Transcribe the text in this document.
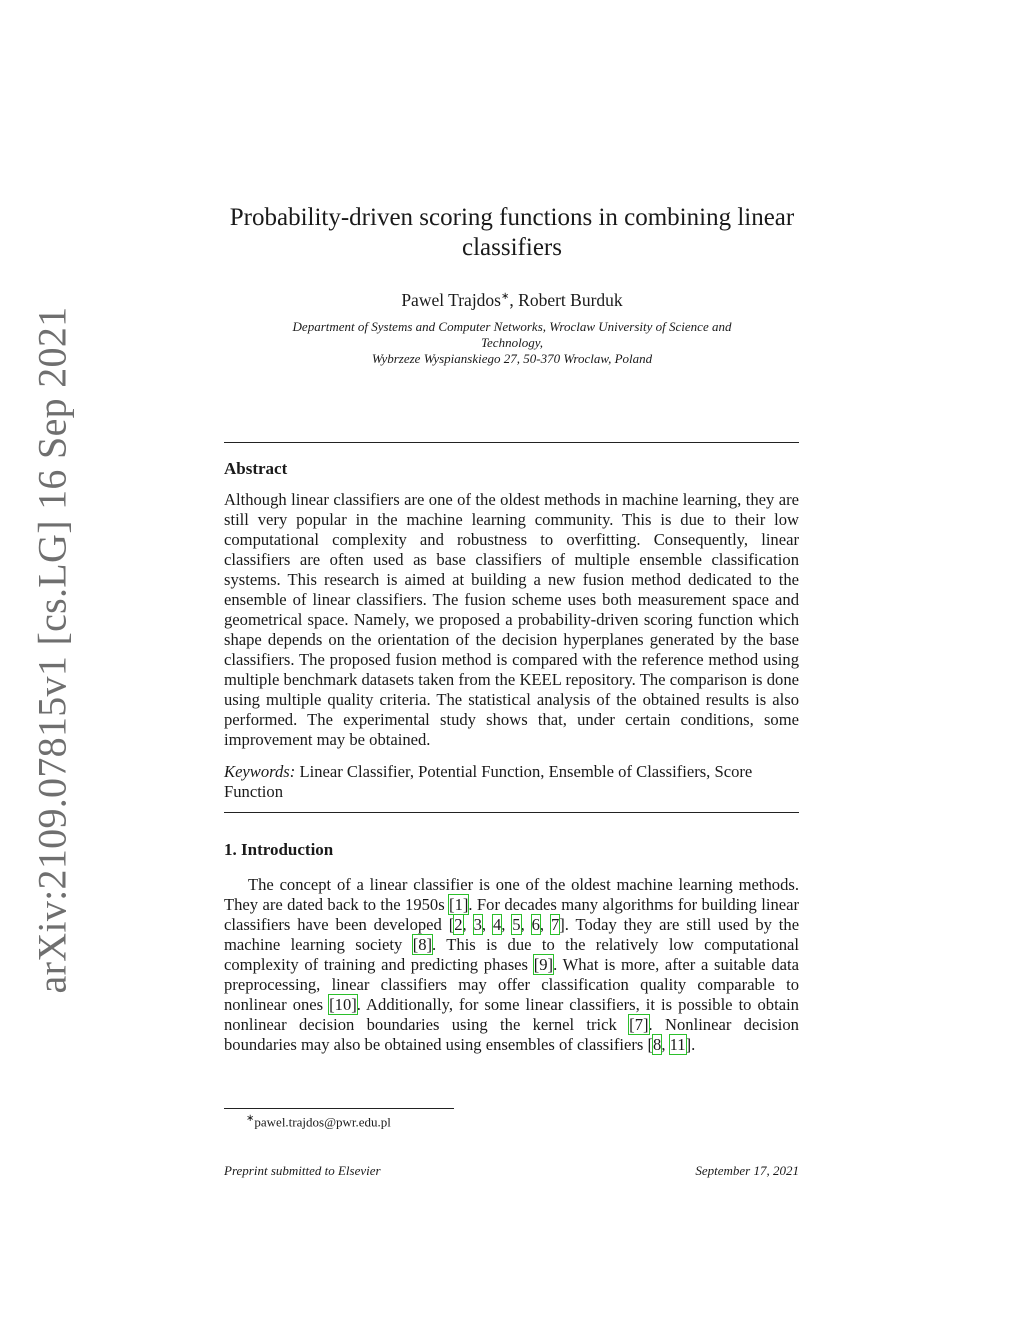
arXiv:2109.07815v1 [cs.LG] 16 Sep 2021
Probability-driven scoring functions in combining linear
classifiers
Pawel Trajdos∗, Robert Burduk
Department of Systems and Computer Networks, Wroclaw University of Science and
Technology,
Wybrzeze Wyspianskiego 27, 50-370 Wroclaw, Poland

Abstract

Although linear classifiers are one of the oldest methods in machine learning, they are still very popular in the machine learning community. This is due to their low computational complexity and robustness to overfitting. Consequently, linear classifiers are often used as base classifiers of multiple ensemble classification systems. This research is aimed at building a new fusion method dedicated to the ensemble of linear classifiers. The fusion scheme uses both measurement space and geometrical space. Namely, we proposed a probability-driven scoring function which shape depends on the orientation of the decision hyperplanes generated by the base classifiers. The proposed fusion method is compared with the reference method using multiple benchmark datasets taken from the KEEL repository. The comparison is done using multiple quality criteria. The statistical analysis of the obtained results is also performed. The experimental study shows that, under certain conditions, some improvement may be obtained.

Keywords: Linear Classifier, Potential Function, Ensemble of Classifiers, Score Function

1. Introduction

The concept of a linear classifier is one of the oldest machine learning methods. They are dated back to the 1950s [1]. For decades many algorithms for building linear classifiers have been developed [2, 3, 4, 5, 6, 7]. Today they are still used by the machine learning society [8]. This is due to the relatively low computational complexity of training and predicting phases [9]. What is more, after a suitable data preprocessing, linear classifiers may offer classification quality comparable to nonlinear ones [10]. Additionally, for some linear classifiers, it is possible to obtain nonlinear decision boundaries using the kernel trick [7]. Nonlinear decision boundaries may also be obtained using ensembles of classifiers [8, 11].

∗pawel.trajdos@pwr.edu.pl
Preprint submitted to Elsevier	September 17, 2021
